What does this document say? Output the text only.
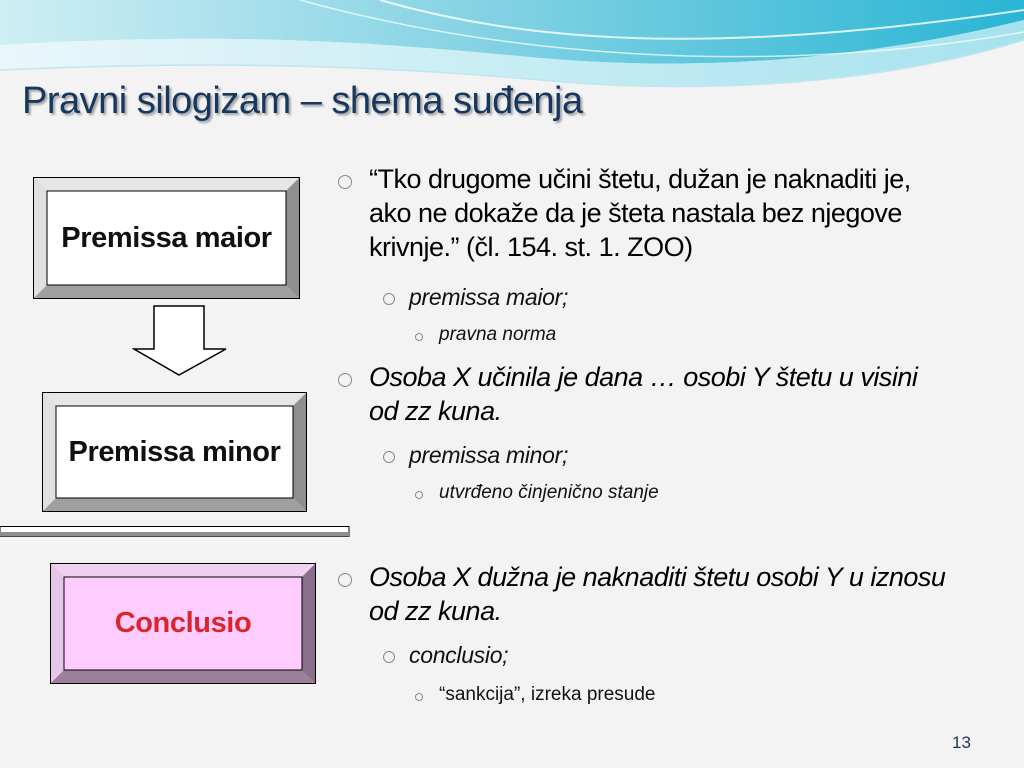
Pravni silogizam – shema suđenja
Premissa maior
Premissa minor
Conclusio
“Tko drugome učini štetu, dužan je naknaditi je, ako ne dokaže da je šteta nastala bez njegove krivnje.” (čl. 154. st. 1. ZOO)
premissa maior;
pravna norma
Osoba X učinila je dana … osobi Y štetu u visini od zz kuna.
premissa minor;
utvrđeno činjenično stanje
Osoba X dužna je naknaditi štetu osobi Y u iznosu od zz kuna.
conclusio;
“sankcija”, izreka presude
13
